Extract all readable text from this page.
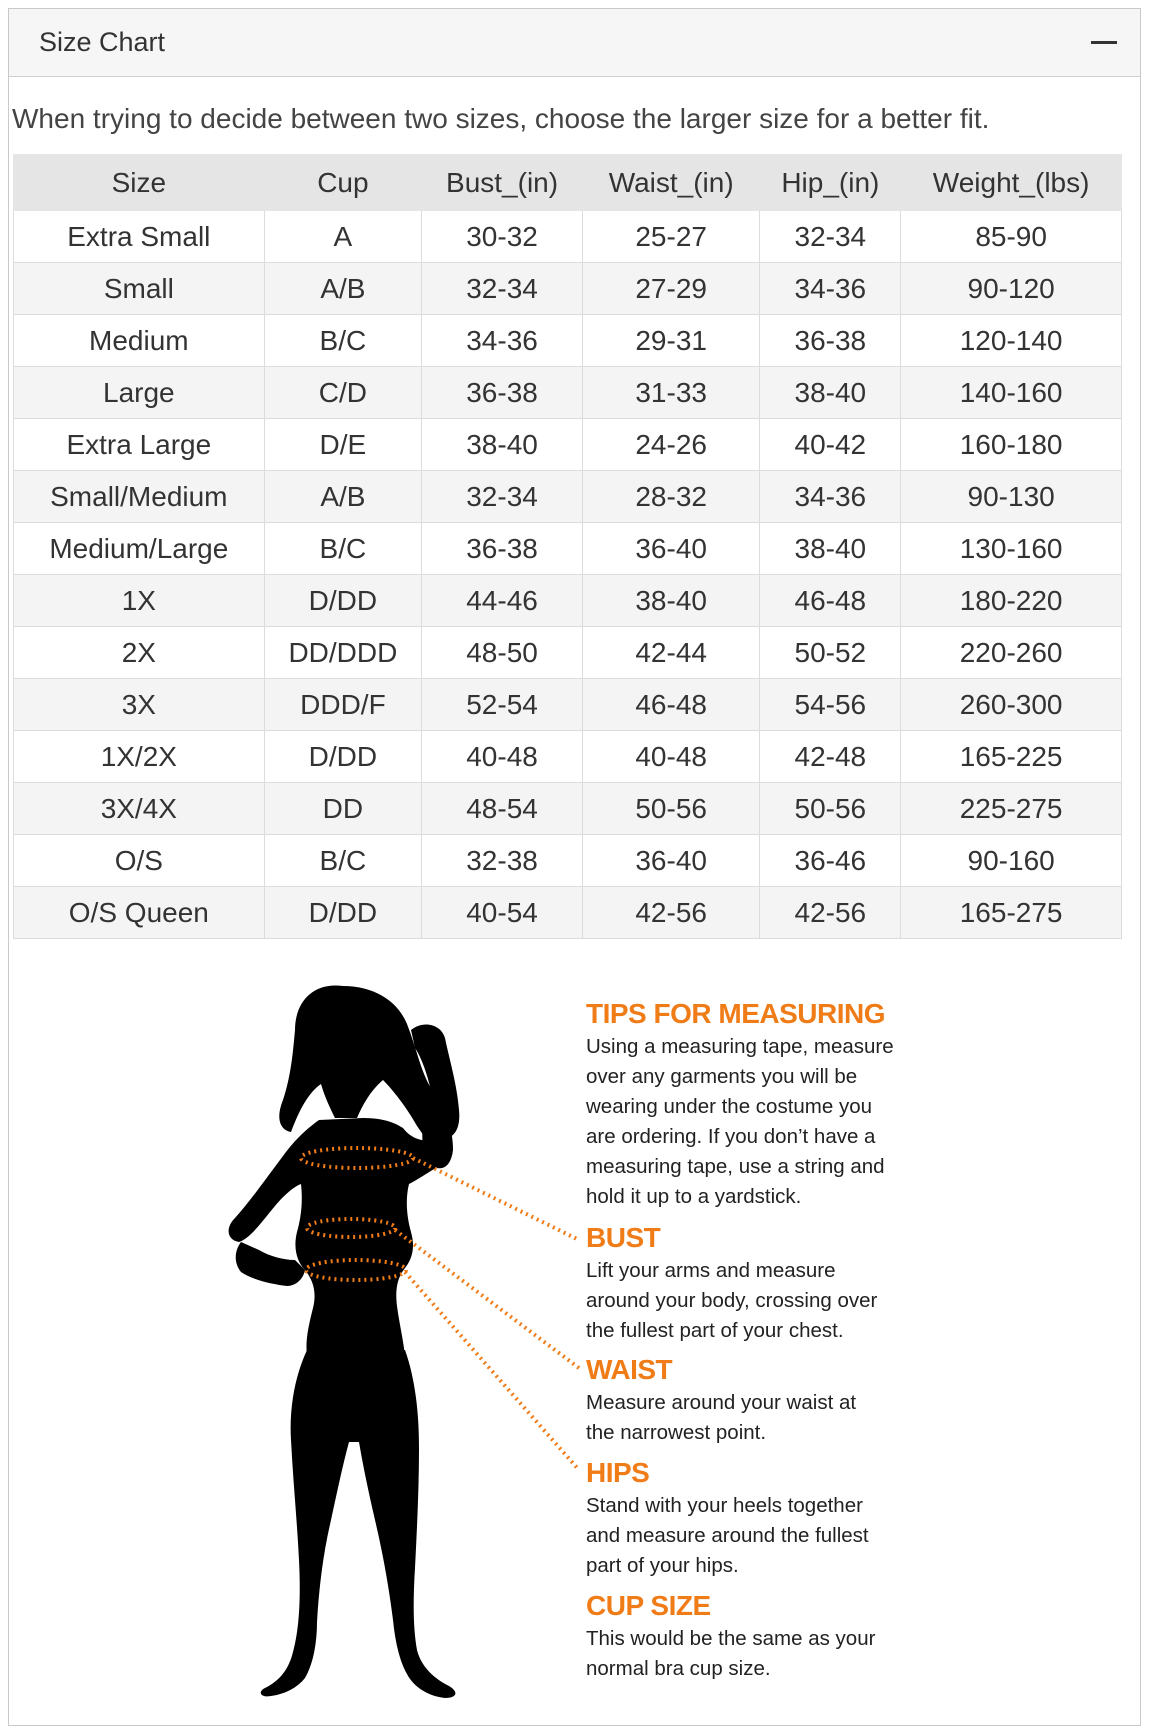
Size Chart
When trying to decide between two sizes, choose the larger size for a better fit.
Size	Cup	Bust_(in)	Waist_(in)	Hip_(in)	Weight_(lbs)
Extra Small	A	30-32	25-27	32-34	85-90
Small	A/B	32-34	27-29	34-36	90-120
Medium	B/C	34-36	29-31	36-38	120-140
Large	C/D	36-38	31-33	38-40	140-160
Extra Large	D/E	38-40	24-26	40-42	160-180
Small/Medium	A/B	32-34	28-32	34-36	90-130
Medium/Large	B/C	36-38	36-40	38-40	130-160
1X	D/DD	44-46	38-40	46-48	180-220
2X	DD/DDD	48-50	42-44	50-52	220-260
3X	DDD/F	52-54	46-48	54-56	260-300
1X/2X	D/DD	40-48	40-48	42-48	165-225
3X/4X	DD	48-54	50-56	50-56	225-275
O/S	B/C	32-38	36-40	36-46	90-160
O/S Queen	D/DD	40-54	42-56	42-56	165-275

TIPS FOR MEASURING

Using a measuring tape, measure
over any garments you will be
wearing under the costume you
are ordering. If you don’t have a
measuring tape, use a string and
hold it up to a yardstick.

BUST

Lift your arms and measure
around your body, crossing over
the fullest part of your chest.

WAIST

Measure around your waist at
the narrowest point.

HIPS

Stand with your heels together
and measure around the fullest
part of your hips.

CUP SIZE

This would be the same as your
normal bra cup size.
